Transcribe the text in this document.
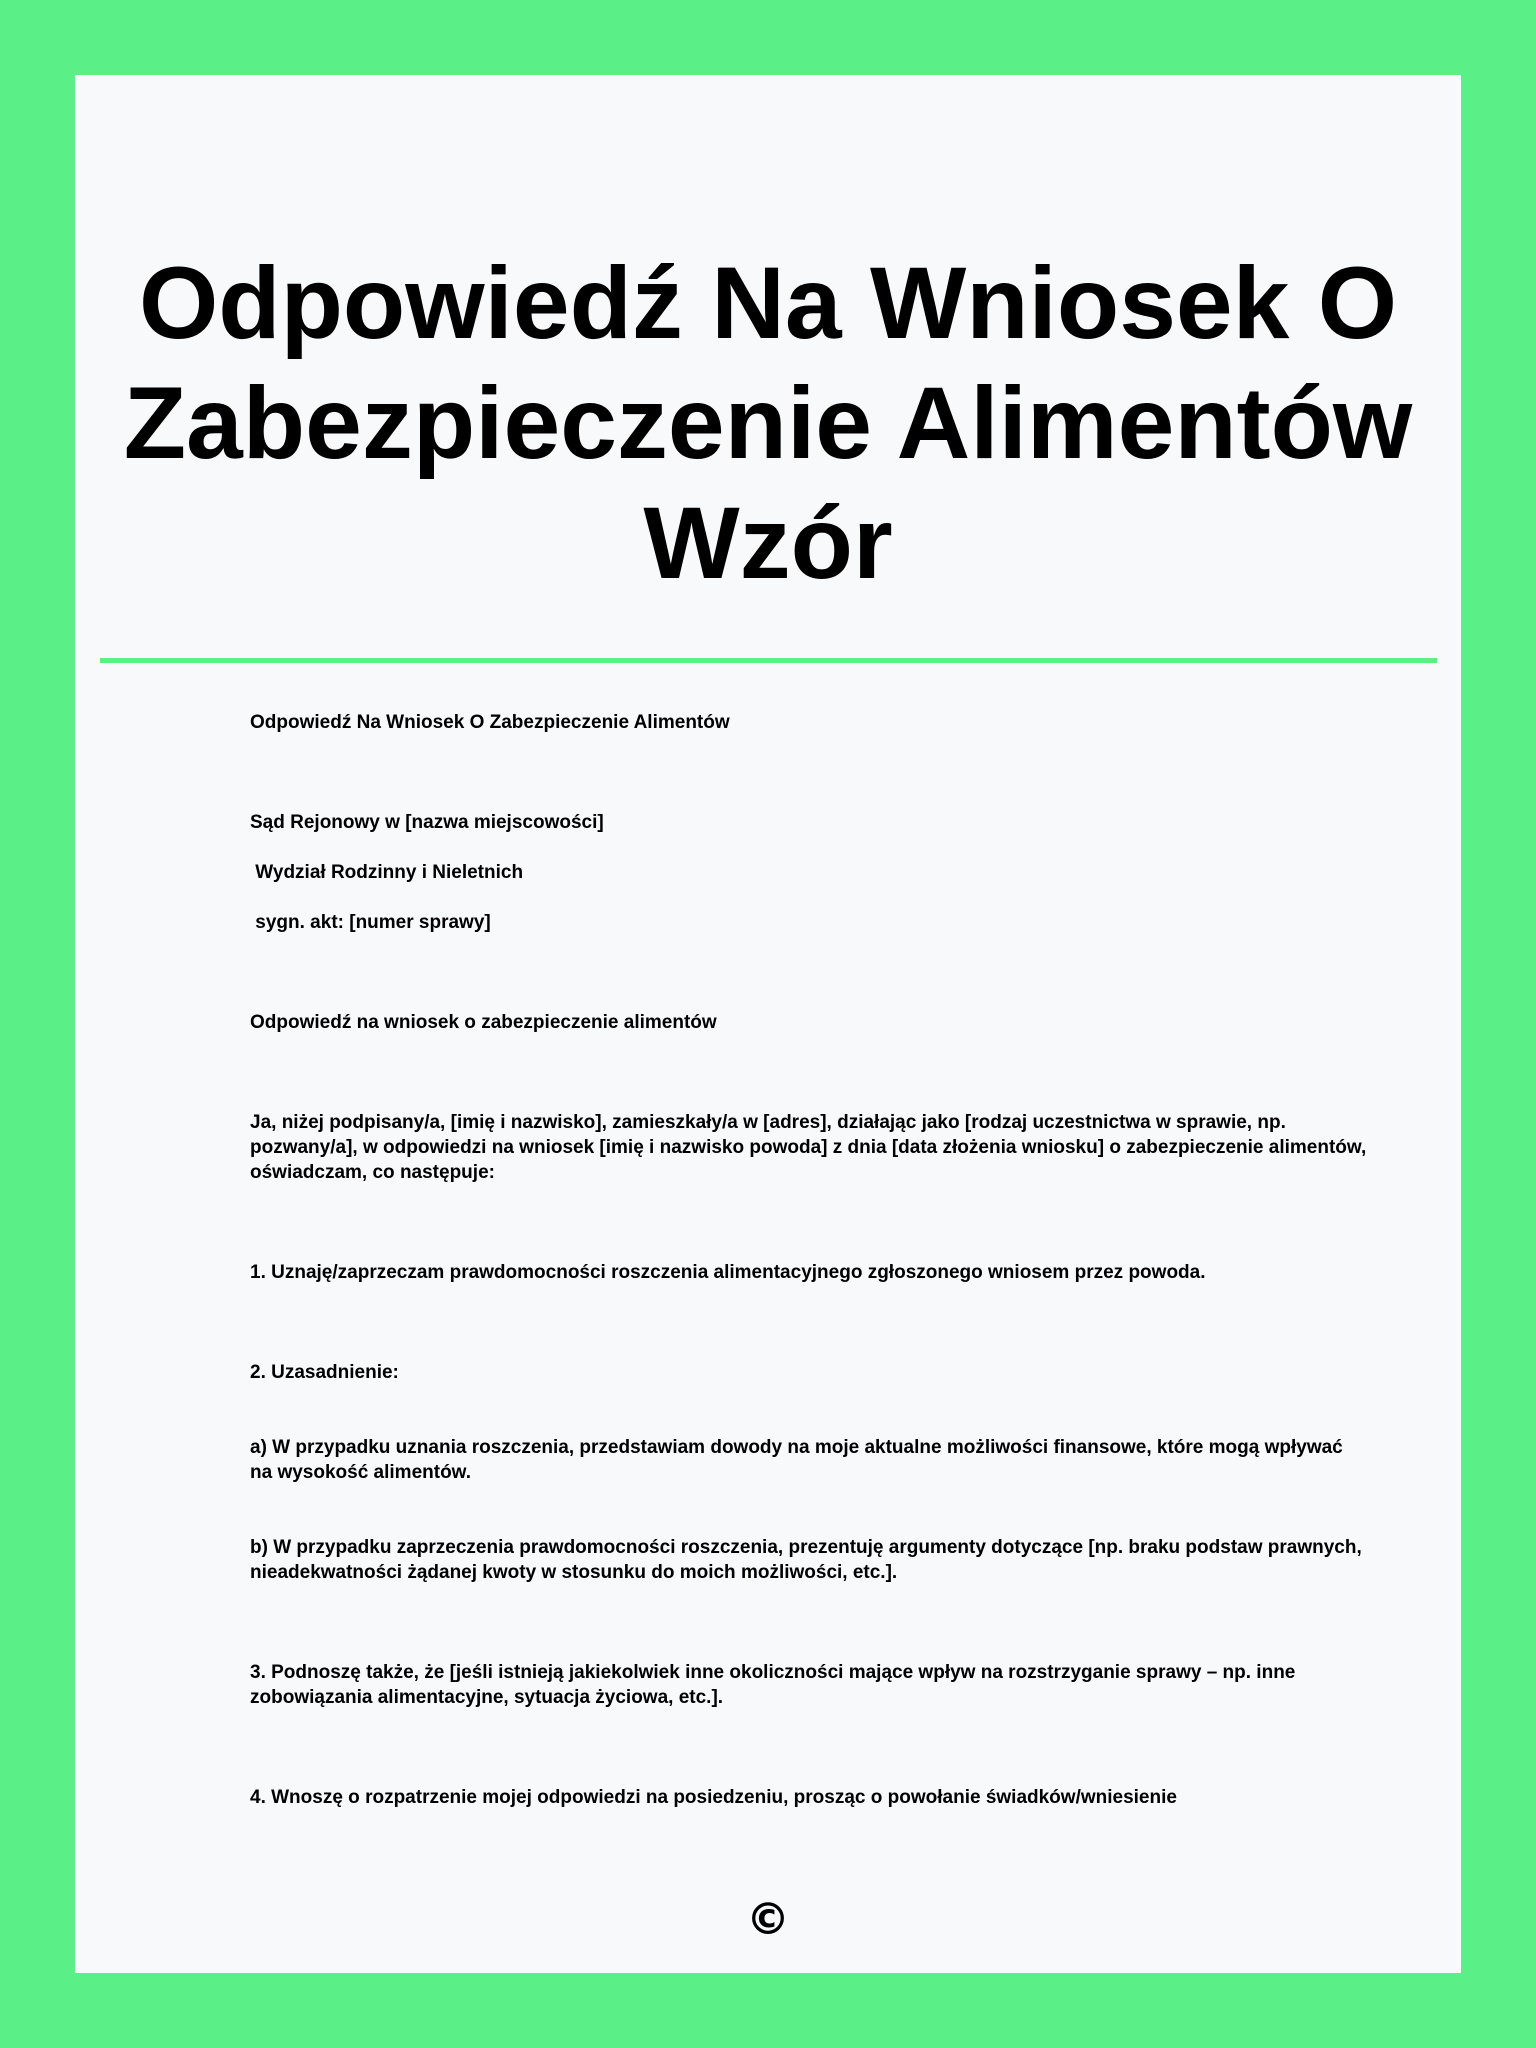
Odpowiedź Na Wniosek O Zabezpieczenie Alimentów Wzór

Odpowiedź Na Wniosek O Zabezpieczenie Alimentów

Sąd Rejonowy w [nazwa miejscowości]

Wydział Rodzinny i Nieletnich

sygn. akt: [numer sprawy]

Odpowiedź na wniosek o zabezpieczenie alimentów

Ja, niżej podpisany/a, [imię i nazwisko], zamieszkały/a w [adres], działając jako [rodzaj uczestnictwa w sprawie, np. pozwany/a], w odpowiedzi na wniosek [imię i nazwisko powoda] z dnia [data złożenia wniosku] o zabezpieczenie alimentów, oświadczam, co następuje:

1. Uznaję/zaprzeczam prawdomocności roszczenia alimentacyjnego zgłoszonego wniosem przez powoda.

2. Uzasadnienie:

a) W przypadku uznania roszczenia, przedstawiam dowody na moje aktualne możliwości finansowe, które mogą wpływać na wysokość alimentów.

b) W przypadku zaprzeczenia prawdomocności roszczenia, prezentuję argumenty dotyczące [np. braku podstaw prawnych, nieadekwatności żądanej kwoty w stosunku do moich możliwości, etc.].

3. Podnoszę także, że [jeśli istnieją jakiekolwiek inne okoliczności mające wpływ na rozstrzyganie sprawy – np. inne zobowiązania alimentacyjne, sytuacja życiowa, etc.].

4. Wnoszę o rozpatrzenie mojej odpowiedzi na posiedzeniu, prosząc o powołanie świadków/wniesienie

©
